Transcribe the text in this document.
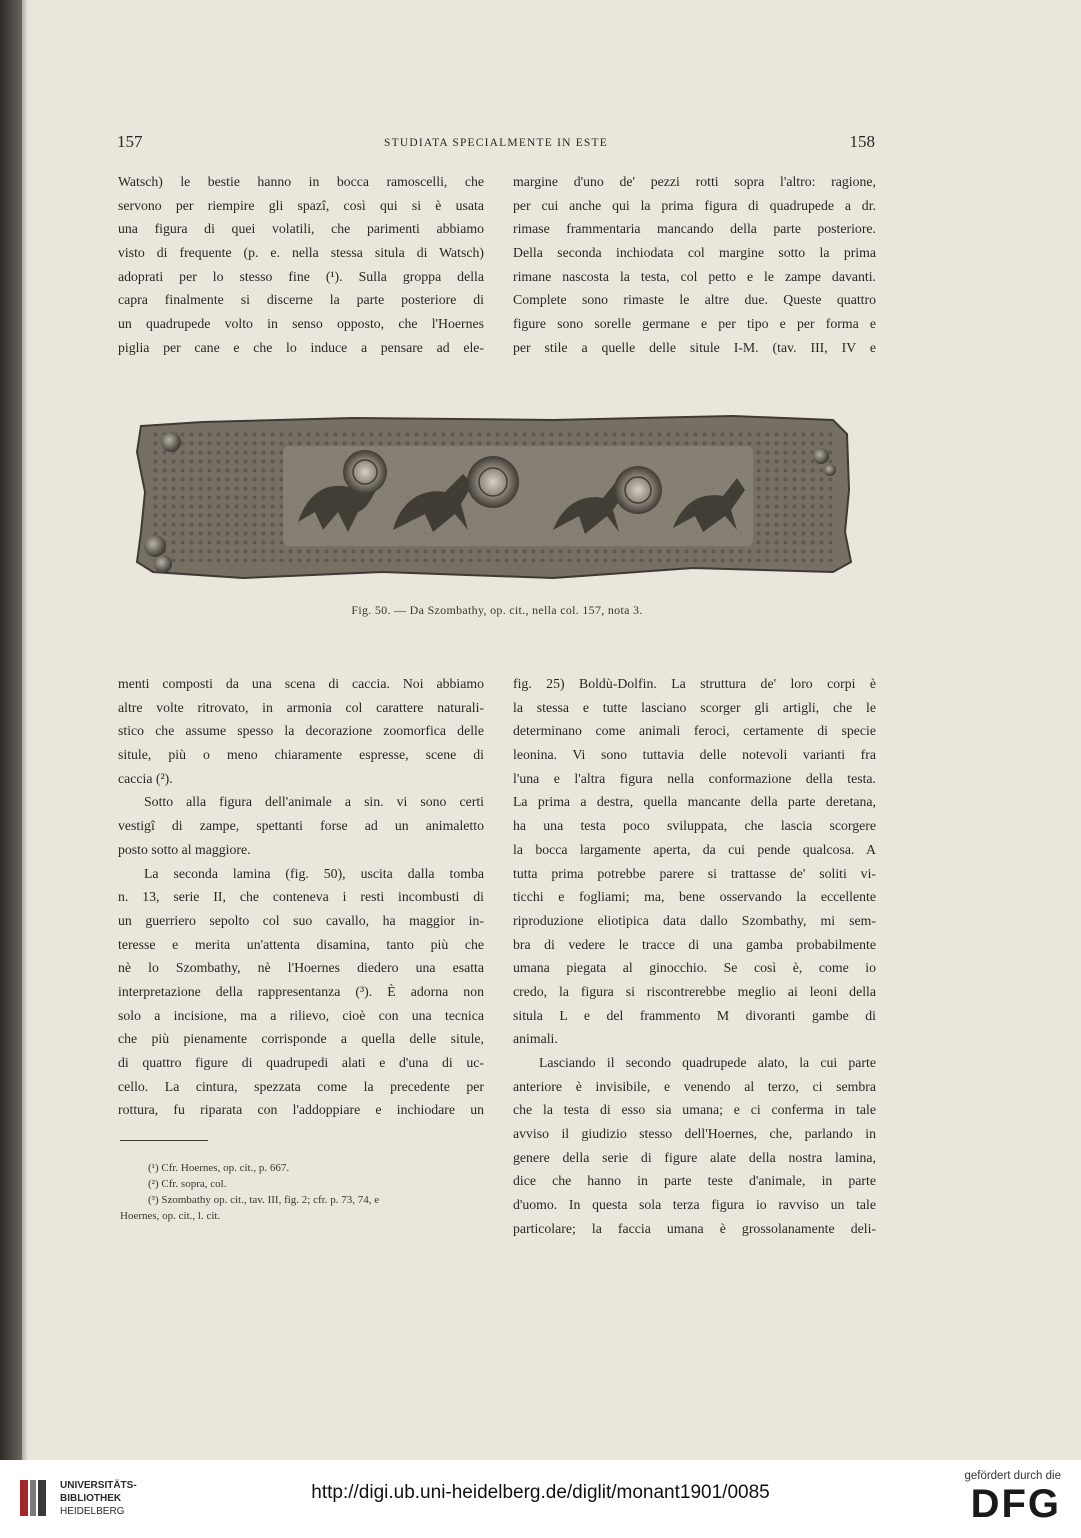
157	STUDIATA SPECIALMENTE IN ESTE	158
Watsch) le bestie hanno in bocca ramoscelli, che
servono per riempire gli spazî, così qui si è usata
una figura di quei volatili, che parimenti abbiamo
visto di frequente (p. e. nella stessa situla di Watsch)
adoprati per lo stesso fine (¹). Sulla groppa della
capra finalmente si discerne la parte posteriore di
un quadrupede volto in senso opposto, che l'Hoernes
piglia per cane e che lo induce a pensare ad ele-
margine d'uno de' pezzi rotti sopra l'altro: ragione,
per cui anche qui la prima figura di quadrupede a dr.
rimase frammentaria mancando della parte posteriore.
Della seconda inchiodata col margine sotto la prima
rimane nascosta la testa, col petto e le zampe davanti.
Complete sono rimaste le altre due. Queste quattro
figure sono sorelle germane e per tipo e per forma e
per stile a quelle delle situle I-M. (tav. III, IV e
Fig. 50. — Da Szombathy, op. cit., nella col. 157, nota 3.
menti composti da una scena di caccia. Noi abbiamo
altre volte ritrovato, in armonia col carattere naturali-
stico che assume spesso la decorazione zoomorfica delle
situle, più o meno chiaramente espresse, scene di
caccia (²).
Sotto alla figura dell'animale a sin. vi sono certi
vestigî di zampe, spettanti forse ad un animaletto
posto sotto al maggiore.
La seconda lamina (fig. 50), uscita dalla tomba
n. 13, serie II, che conteneva i resti incombusti di
un guerriero sepolto col suo cavallo, ha maggior in-
teresse e merita un'attenta disamina, tanto più che
nè lo Szombathy, nè l'Hoernes diedero una esatta
interpretazione della rappresentanza (³). È adorna non
solo a incisione, ma a rilievo, cioè con una tecnica
che più pienamente corrisponde a quella delle situle,
di quattro figure di quadrupedi alati e d'una di uc-
cello. La cintura, spezzata come la precedente per
rottura, fu riparata con l'addoppiare e inchiodare un
fig. 25) Boldù-Dolfin. La struttura de' loro corpi è
la stessa e tutte lasciano scorger gli artigli, che le
determinano come animali feroci, certamente di specie
leonina. Vi sono tuttavia delle notevoli varianti fra
l'una e l'altra figura nella conformazione della testa.
La prima a destra, quella mancante della parte deretana,
ha una testa poco sviluppata, che lascia scorgere
la bocca largamente aperta, da cui pende qualcosa. A
tutta prima potrebbe parere si trattasse de' soliti vi-
ticchi e fogliami; ma, bene osservando la eccellente
riproduzione eliotipica data dallo Szombathy, mi sem-
bra di vedere le tracce di una gamba probabilmente
umana piegata al ginocchio. Se così è, come io
credo, la figura si riscontrerebbe meglio ai leoni della
situla L e del frammento M divoranti gambe di
animali.
Lasciando il secondo quadrupede alato, la cui parte
anteriore è invisibile, e venendo al terzo, ci sembra
che la testa di esso sia umana; e ci conferma in tale
avviso il giudizio stesso dell'Hoernes, che, parlando in
genere della serie di figure alate della nostra lamina,
dice che hanno in parte teste d'animale, in parte
d'uomo. In questa sola terza figura io ravviso un tale
particolare; la faccia umana è grossolanamente deli-
(¹) Cfr. Hoernes, op. cit., p. 667.
(²) Cfr. sopra, col.
(³) Szombathy op. cit., tav. III, fig. 2; cfr. p. 73, 74, e
Hoernes, op. cit., l. cit.
UNIVERSITÄTS-
BIBLIOTHEK
HEIDELBERG
http://digi.ub.uni-heidelberg.de/diglit/monant1901/0085
gefördert durch die
DFG
